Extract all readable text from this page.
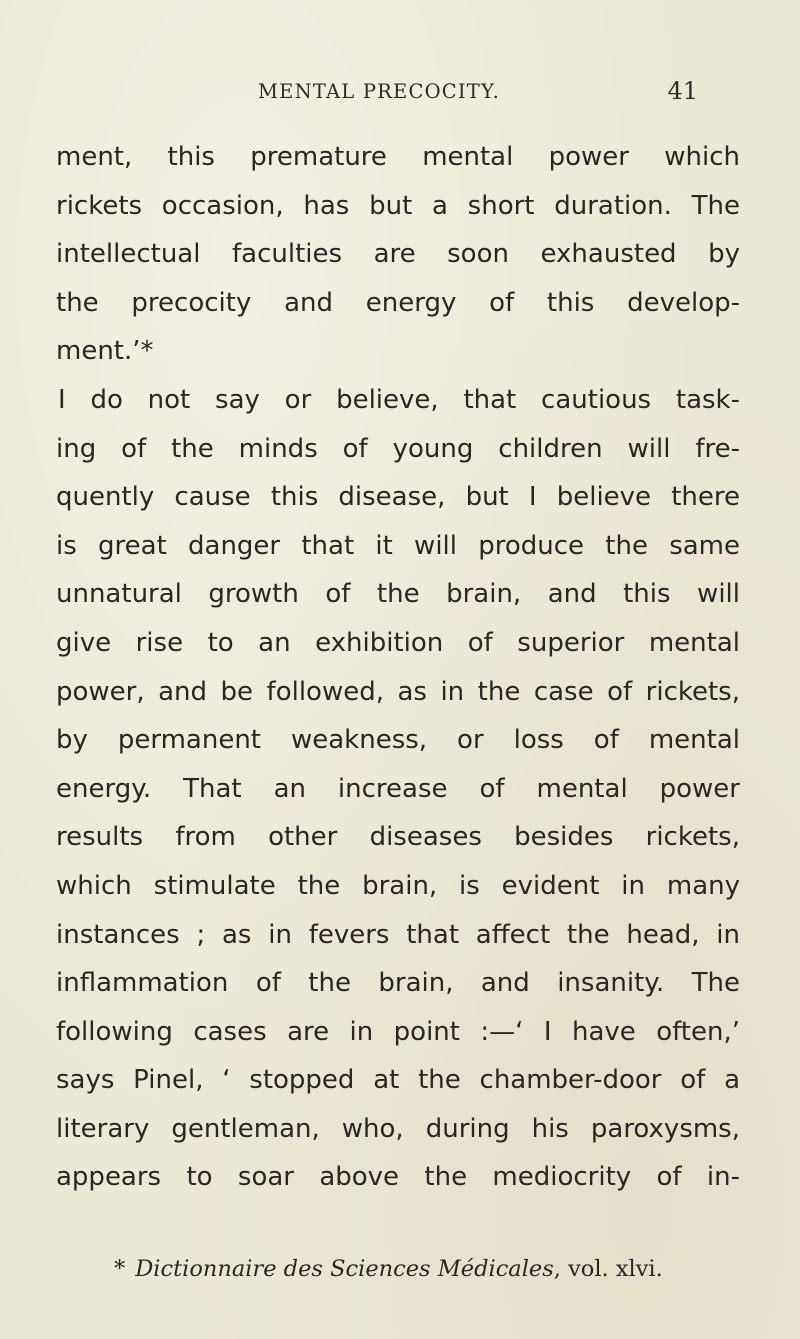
MENTAL PRECOCITY.	41
ment, this premature mental power which
rickets occasion, has but a short duration. The
intellectual faculties are soon exhausted by
the precocity and energy of this develop-
ment.’*
I do not say or believe, that cautious task-
ing of the minds of young children will fre-
quently cause this disease, but I believe there
is great danger that it will produce the same
unnatural growth of the brain, and this will
give rise to an exhibition of superior mental
power, and be followed, as in the case of rickets,
by permanent weakness, or loss of mental
energy. That an increase of mental power
results from other diseases besides rickets,
which stimulate the brain, is evident in many
instances ; as in fevers that affect the head, in
inflammation of the brain, and insanity. The
following cases are in point :—‘ I have often,’
says Pinel, ‘ stopped at the chamber-door of a
literary gentleman, who, during his paroxysms,
appears to soar above the mediocrity of in-
* Dictionnaire des Sciences Médicales, vol. xlvi.
